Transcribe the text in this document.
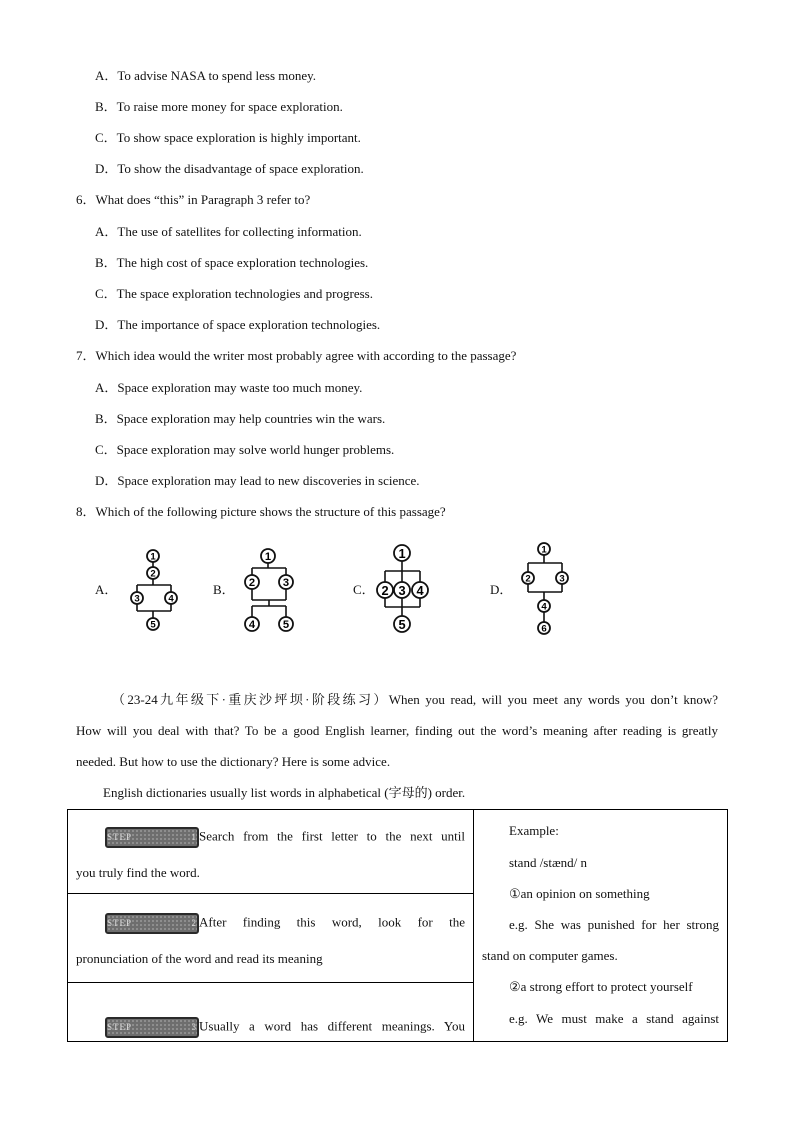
A．To advise NASA to spend less money.
B．To raise more money for space exploration.
C．To show space exploration is highly important.
D．To show the disadvantage of space exploration.
6．What does “this” in Paragraph 3 refer to?
A．The use of satellites for collecting information.
B．The high cost of space exploration technologies.
C．The space exploration technologies and progress.
D．The importance of space exploration technologies.
7．Which idea would the writer most probably agree with according to the passage?
A．Space exploration may waste too much money.
B．Space exploration may help countries win the wars.
C．Space exploration may solve world hunger problems.
D．Space exploration may lead to new discoveries in science.
8．Which of the following picture shows the structure of this passage?
A．	B．	C．	D．
1
2
3	4
5
1
2 3
4 5
1
2 3 4
5
1
2	3
4
6
（23-24九年级下·重庆沙坪坝·阶段练习）When you read, will you meet any words you don’t know?
How will you deal with that? To be a good English learner, finding out the word’s meaning after reading is greatly
needed. But how to use the dictionary? Here is some advice.
English dictionaries usually list words in alphabetical (字母的) order.
STEP 1 Search from the first letter to the next until
you truly find the word.

Example:
stand /stænd/ n
①an opinion on something
e.g. She was punished for her strong
stand on computer games.
②a strong effort to protect yourself
e.g. We must make a stand against

STEP 2 After finding this word, look for the
pronunciation of the word and read its meaning

STEP 3 Usually a word has different meanings. You
